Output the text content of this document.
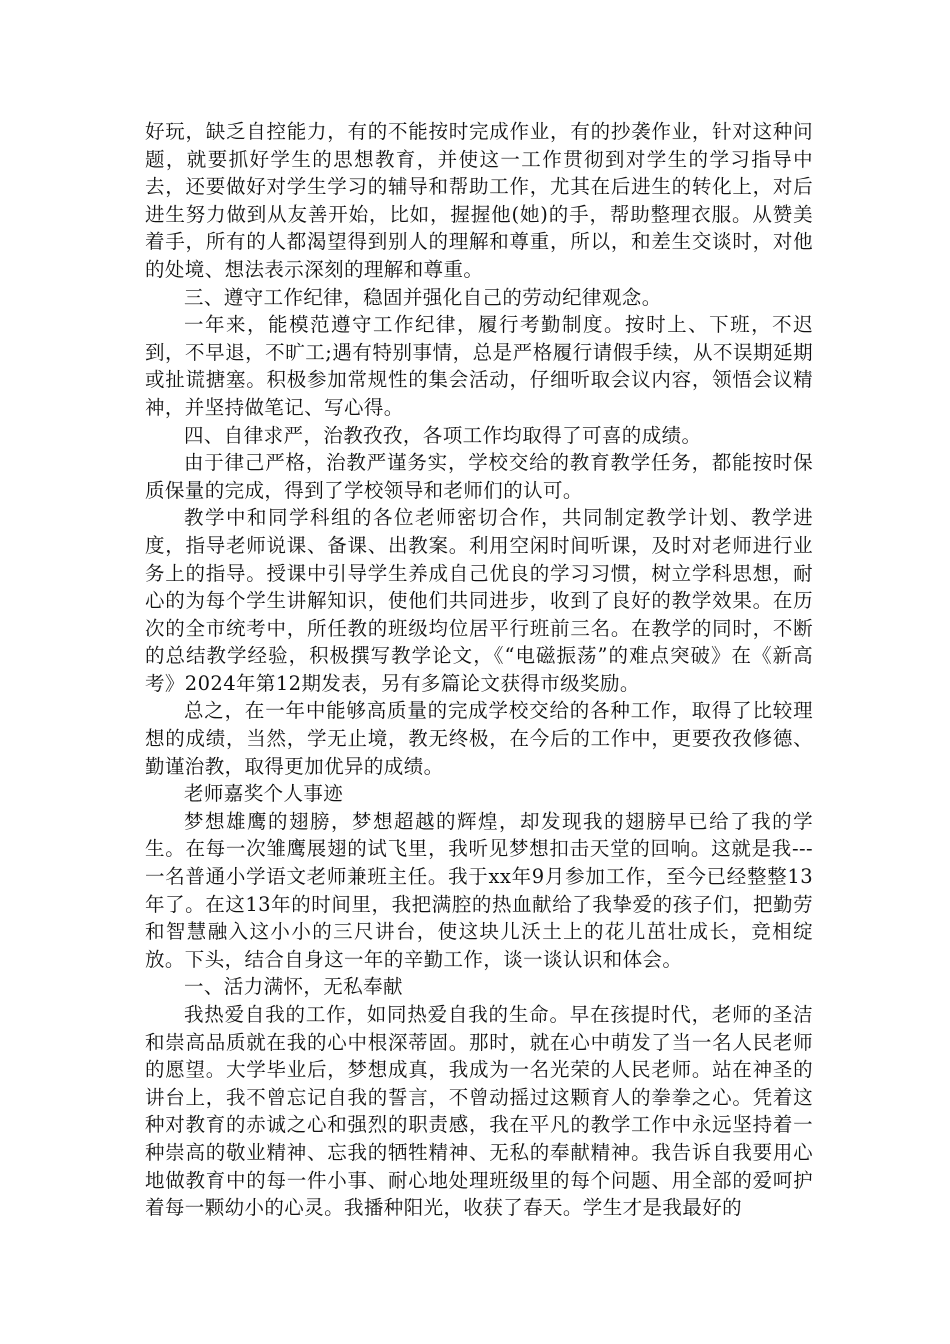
好玩，缺乏自控能力，有的不能按时完成作业，有的抄袭作业，针对这种问题，就要抓好学生的思想教育，并使这一工作贯彻到对学生的学习指导中去，还要做好对学生学习的辅导和帮助工作，尤其在后进生的转化上，对后进生努力做到从友善开始，比如，握握他(她)的手，帮助整理衣服。从赞美着手，所有的人都渴望得到别人的理解和尊重，所以，和差生交谈时，对他的处境、想法表示深刻的理解和尊重。

三、遵守工作纪律，稳固并强化自己的劳动纪律观念。

一年来，能模范遵守工作纪律，履行考勤制度。按时上、下班，不迟到，不早退，不旷工;遇有特别事情，总是严格履行请假手续，从不误期延期或扯谎搪塞。积极参加常规性的集会活动，仔细听取会议内容，领悟会议精神，并坚持做笔记、写心得。

四、自律求严，治教孜孜，各项工作均取得了可喜的成绩。

由于律己严格，治教严谨务实，学校交给的教育教学任务，都能按时保质保量的完成，得到了学校领导和老师们的认可。

教学中和同学科组的各位老师密切合作，共同制定教学计划、教学进度，指导老师说课、备课、出教案。利用空闲时间听课，及时对老师进行业务上的指导。授课中引导学生养成自己优良的学习习惯，树立学科思想，耐心的为每个学生讲解知识，使他们共同进步，收到了良好的教学效果。在历次的全市统考中，所任教的班级均位居平行班前三名。在教学的同时，不断的总结教学经验，积极撰写教学论文，《“电磁振荡”的难点突破》在《新高考》2024年第12期发表，另有多篇论文获得市级奖励。

总之，在一年中能够高质量的完成学校交给的各种工作，取得了比较理想的成绩，当然，学无止境，教无终极，在今后的工作中，更要孜孜修德、勤谨治教，取得更加优异的成绩。

老师嘉奖个人事迹

梦想雄鹰的翅膀，梦想超越的辉煌，却发现我的翅膀早已给了我的学生。在每一次雏鹰展翅的试飞里，我听见梦想扣击天堂的回响。这就是我---一名普通小学语文老师兼班主任。我于xx年9月参加工作，至今已经整整13年了。在这13年的时间里，我把满腔的热血献给了我挚爱的孩子们，把勤劳和智慧融入这小小的三尺讲台，使这块儿沃土上的花儿茁壮成长，竞相绽放。下头，结合自身这一年的辛勤工作，谈一谈认识和体会。

一、活力满怀，无私奉献

我热爱自我的工作，如同热爱自我的生命。早在孩提时代，老师的圣洁和崇高品质就在我的心中根深蒂固。那时，就在心中萌发了当一名人民老师的愿望。大学毕业后，梦想成真，我成为一名光荣的人民老师。站在神圣的讲台上，我不曾忘记自我的誓言，不曾动摇过这颗育人的拳拳之心。凭着这种对教育的赤诚之心和强烈的职责感，我在平凡的教学工作中永远坚持着一种崇高的敬业精神、忘我的牺牲精神、无私的奉献精神。我告诉自我要用心地做教育中的每一件小事、耐心地处理班级里的每个问题、用全部的爱呵护着每一颗幼小的心灵。我播种阳光，收获了春天。学生才是我最好的
